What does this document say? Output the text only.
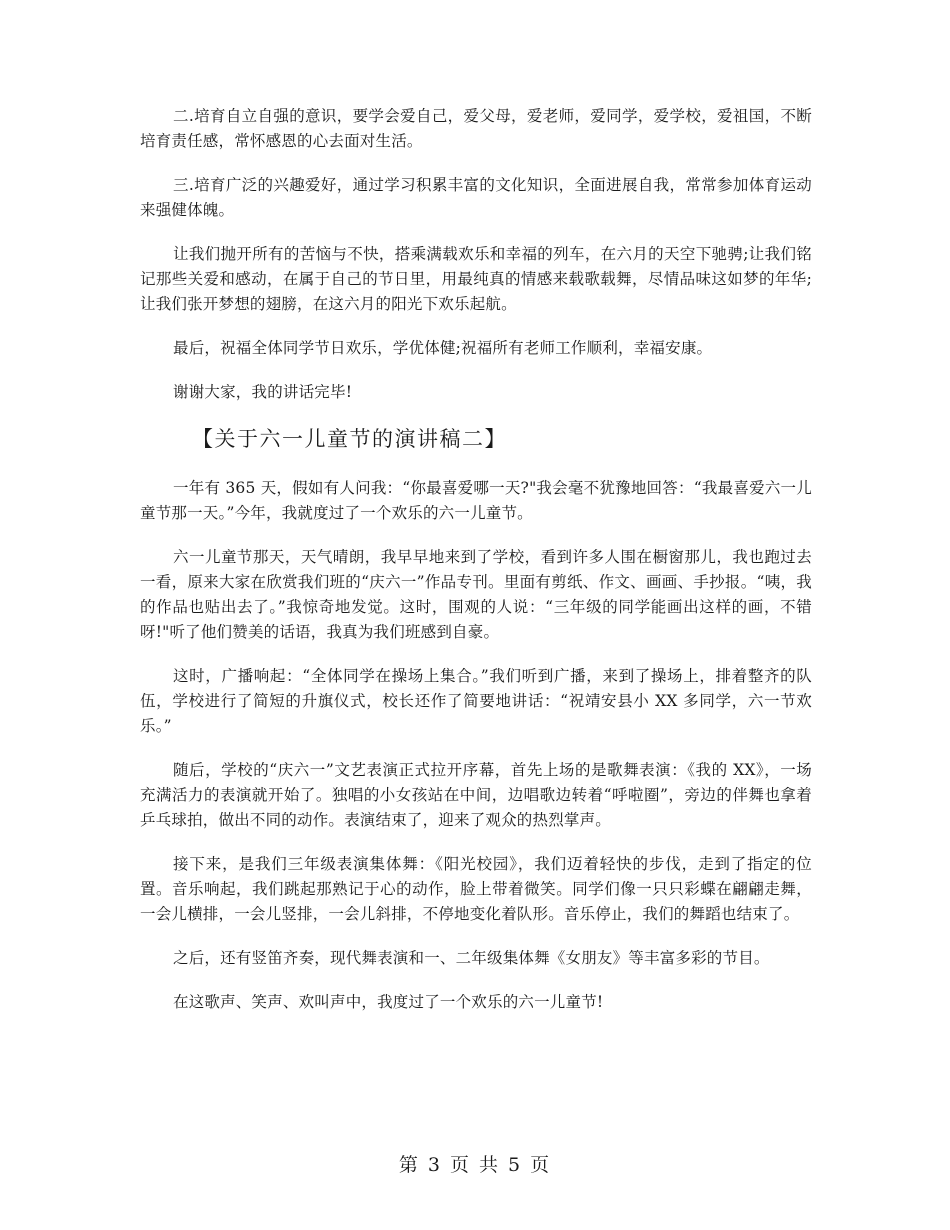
二.培育自立自强的意识，要学会爱自己，爱父母，爱老师，爱同学，爱学校，爱祖国，不断培育责任感，常怀感恩的心去面对生活。

三.培育广泛的兴趣爱好，通过学习积累丰富的文化知识，全面进展自我，常常参加体育运动来强健体魄。

让我们抛开所有的苦恼与不快，搭乘满载欢乐和幸福的列车，在六月的天空下驰骋;让我们铭记那些关爱和感动，在属于自己的节日里，用最纯真的情感来载歌载舞，尽情品味这如梦的年华;让我们张开梦想的翅膀，在这六月的阳光下欢乐起航。

最后，祝福全体同学节日欢乐，学优体健;祝福所有老师工作顺利，幸福安康。

谢谢大家，我的讲话完毕!

【关于六一儿童节的演讲稿二】

一年有 365 天，假如有人问我：“你最喜爱哪一天?"我会毫不犹豫地回答：“我最喜爱六一儿童节那一天。”今年，我就度过了一个欢乐的六一儿童节。

六一儿童节那天，天气晴朗，我早早地来到了学校，看到许多人围在橱窗那儿，我也跑过去一看，原来大家在欣赏我们班的“庆六一”作品专刊。里面有剪纸、作文、画画、手抄报。“咦，我的作品也贴出去了。”我惊奇地发觉。这时，围观的人说：“三年级的同学能画出这样的画，不错呀!"听了他们赞美的话语，我真为我们班感到自豪。

这时，广播响起：“全体同学在操场上集合。”我们听到广播，来到了操场上，排着整齐的队伍，学校进行了简短的升旗仪式，校长还作了简要地讲话：“祝靖安县小 XX 多同学，六一节欢乐。”

随后，学校的“庆六一”文艺表演正式拉开序幕，首先上场的是歌舞表演：《我的 XX》，一场充满活力的表演就开始了。独唱的小女孩站在中间，边唱歌边转着“呼啦圈”，旁边的伴舞也拿着乒乓球拍，做出不同的动作。表演结束了，迎来了观众的热烈掌声。

接下来，是我们三年级表演集体舞：《阳光校园》，我们迈着轻快的步伐，走到了指定的位置。音乐响起，我们跳起那熟记于心的动作，脸上带着微笑。同学们像一只只彩蝶在翩翩走舞，一会儿横排，一会儿竖排，一会儿斜排，不停地变化着队形。音乐停止，我们的舞蹈也结束了。

之后，还有竖笛齐奏，现代舞表演和一、二年级集体舞《女朋友》等丰富多彩的节目。

在这歌声、笑声、欢叫声中，我度过了一个欢乐的六一儿童节!

第 3 页 共 5 页
